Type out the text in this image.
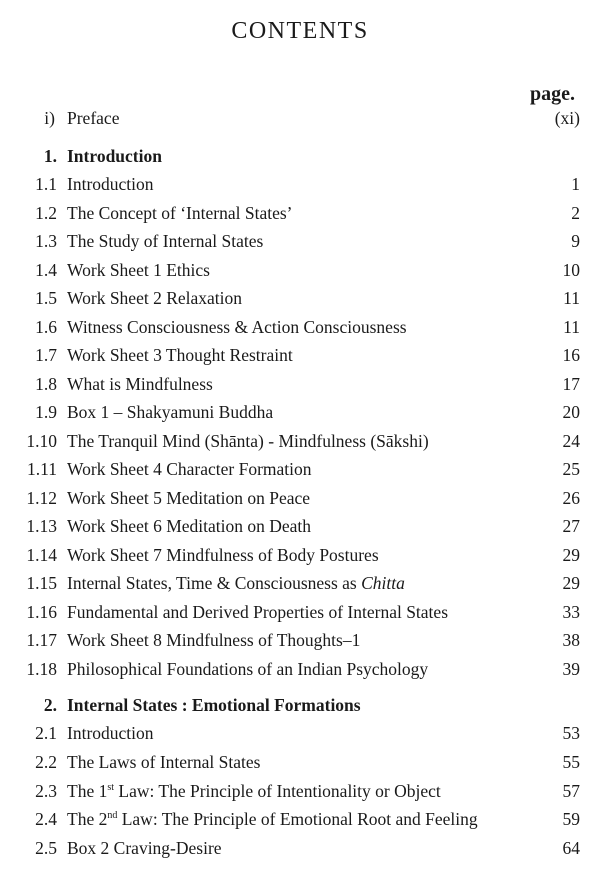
CONTENTS
page.
i) Preface	(xi)
1. Introduction
1.1 Introduction	1
1.2 The Concept of ‘Internal States’	2
1.3 The Study of Internal States	9
1.4 Work Sheet 1 Ethics	10
1.5 Work Sheet 2 Relaxation	11
1.6 Witness Consciousness & Action Consciousness	11
1.7 Work Sheet 3 Thought Restraint	16
1.8 What is Mindfulness	17
1.9 Box 1 – Shakyamuni Buddha	20
1.10 The Tranquil Mind (Shānta) - Mindfulness (Sākshi)	24
1.11 Work Sheet 4 Character Formation	25
1.12 Work Sheet 5 Meditation on Peace	26
1.13 Work Sheet 6 Meditation on Death	27
1.14 Work Sheet 7 Mindfulness of Body Postures	29
1.15 Internal States, Time & Consciousness as Chitta	29
1.16 Fundamental and Derived Properties of Internal States	33
1.17 Work Sheet 8 Mindfulness of Thoughts–1	38
1.18 Philosophical Foundations of an Indian Psychology	39
2. Internal States : Emotional Formations
2.1 Introduction	53
2.2 The Laws of Internal States	55
2.3 The 1st Law: The Principle of Intentionality or Object	57
2.4 The 2nd Law: The Principle of Emotional Root and Feeling	59
2.5 Box 2 Craving-Desire	64
